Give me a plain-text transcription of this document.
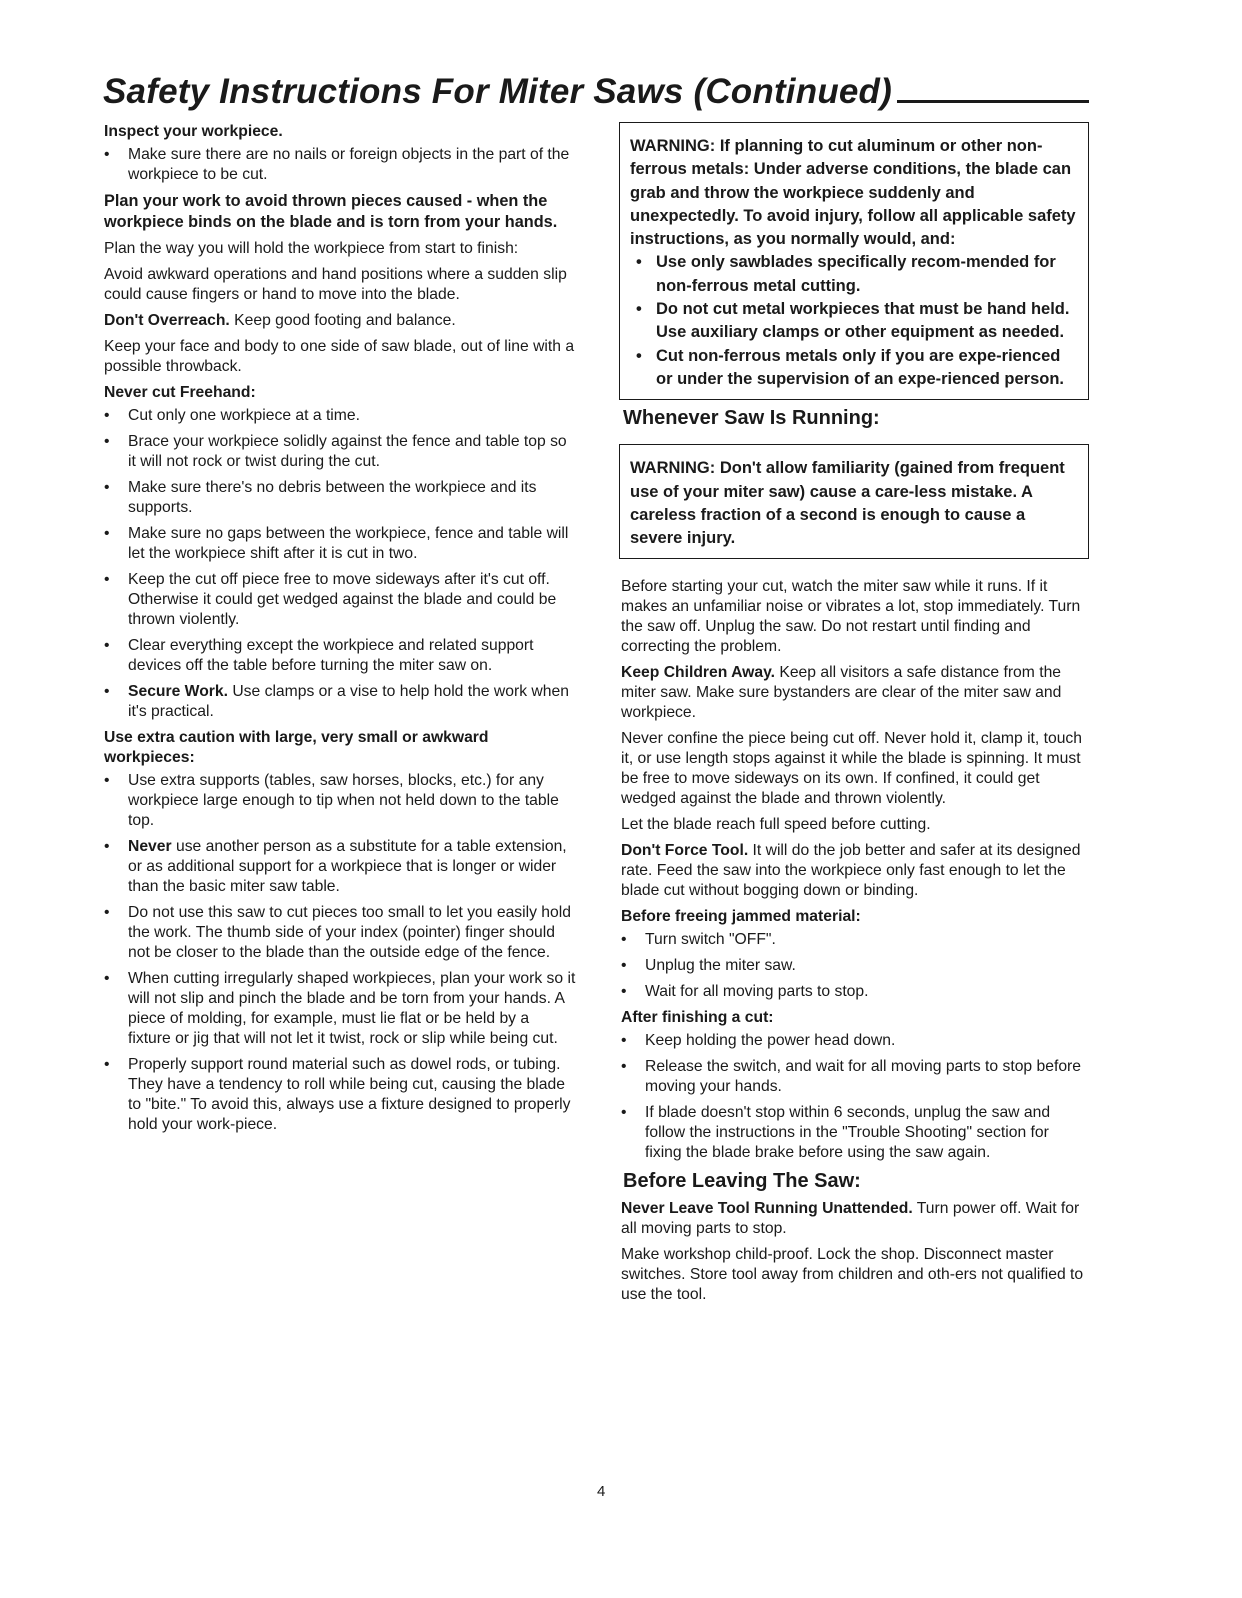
Safety Instructions For Miter Saws (Continued)

Inspect your workpiece.

• Make sure there are no nails or foreign objects in the part of the workpiece to be cut.

Plan your work to avoid thrown pieces caused - when the workpiece binds on the blade and is torn from your hands.

Plan the way you will hold the workpiece from start to finish:

Avoid awkward operations and hand positions where a sudden slip could cause fingers or hand to move into the blade.

Don't Overreach. Keep good footing and balance.

Keep your face and body to one side of saw blade, out of line with a possible throwback.

Never cut Freehand:

• Cut only one workpiece at a time.
• Brace your workpiece solidly against the fence and table top so it will not rock or twist during the cut.
• Make sure there's no debris between the workpiece and its supports.
• Make sure no gaps between the workpiece, fence and table will let the workpiece shift after it is cut in two.
• Keep the cut off piece free to move sideways after it's cut off. Otherwise it could get wedged against the blade and could be thrown violently.
• Clear everything except the workpiece and related support devices off the table before turning the miter saw on.
• Secure Work. Use clamps or a vise to help hold the work when it's practical.

Use extra caution with large, very small or awkward workpieces:

• Use extra supports (tables, saw horses, blocks, etc.) for any workpiece large enough to tip when not held down to the table top.
• Never use another person as a substitute for a table extension, or as additional support for a workpiece that is longer or wider than the basic miter saw table.
• Do not use this saw to cut pieces too small to let you easily hold the work. The thumb side of your index (pointer) finger should not be closer to the blade than the outside edge of the fence.
• When cutting irregularly shaped workpieces, plan your work so it will not slip and pinch the blade and be torn from your hands. A piece of molding, for example, must lie flat or be held by a fixture or jig that will not let it twist, rock or slip while being cut.
• Properly support round material such as dowel rods, or tubing. They have a tendency to roll while being cut, causing the blade to "bite." To avoid this, always use a fixture designed to properly hold your work-piece.
WARNING: If planning to cut aluminum or other non-ferrous metals: Under adverse conditions, the blade can grab and throw the workpiece suddenly and unexpectedly. To avoid injury, follow all applicable safety instructions, as you normally would, and:
• Use only sawblades specifically recom-mended for non-ferrous metal cutting.
• Do not cut metal workpieces that must be hand held. Use auxiliary clamps or other equipment as needed.
• Cut non-ferrous metals only if you are expe-rienced or under the supervision of an expe-rienced person.
Whenever Saw Is Running:
WARNING: Don't allow familiarity (gained from frequent use of your miter saw) cause a care-less mistake. A careless fraction of a second is enough to cause a severe injury.

Before starting your cut, watch the miter saw while it runs. If it makes an unfamiliar noise or vibrates a lot, stop immediately. Turn the saw off. Unplug the saw. Do not restart until finding and correcting the problem.

Keep Children Away. Keep all visitors a safe distance from the miter saw. Make sure bystanders are clear of the miter saw and workpiece.

Never confine the piece being cut off. Never hold it, clamp it, touch it, or use length stops against it while the blade is spinning. It must be free to move sideways on its own. If confined, it could get wedged against the blade and thrown violently.

Let the blade reach full speed before cutting.

Don't Force Tool. It will do the job better and safer at its designed rate. Feed the saw into the workpiece only fast enough to let the blade cut without bogging down or binding.

Before freeing jammed material:

• Turn switch "OFF".
• Unplug the miter saw.
• Wait for all moving parts to stop.

After finishing a cut:

• Keep holding the power head down.
• Release the switch, and wait for all moving parts to stop before moving your hands.
• If blade doesn't stop within 6 seconds, unplug the saw and follow the instructions in the "Trouble Shooting" section for fixing the blade brake before using the saw again.
Before Leaving The Saw:

Never Leave Tool Running Unattended. Turn power off. Wait for all moving parts to stop.

Make workshop child-proof. Lock the shop. Disconnect master switches. Store tool away from children and oth-ers not qualified to use the tool.

4
